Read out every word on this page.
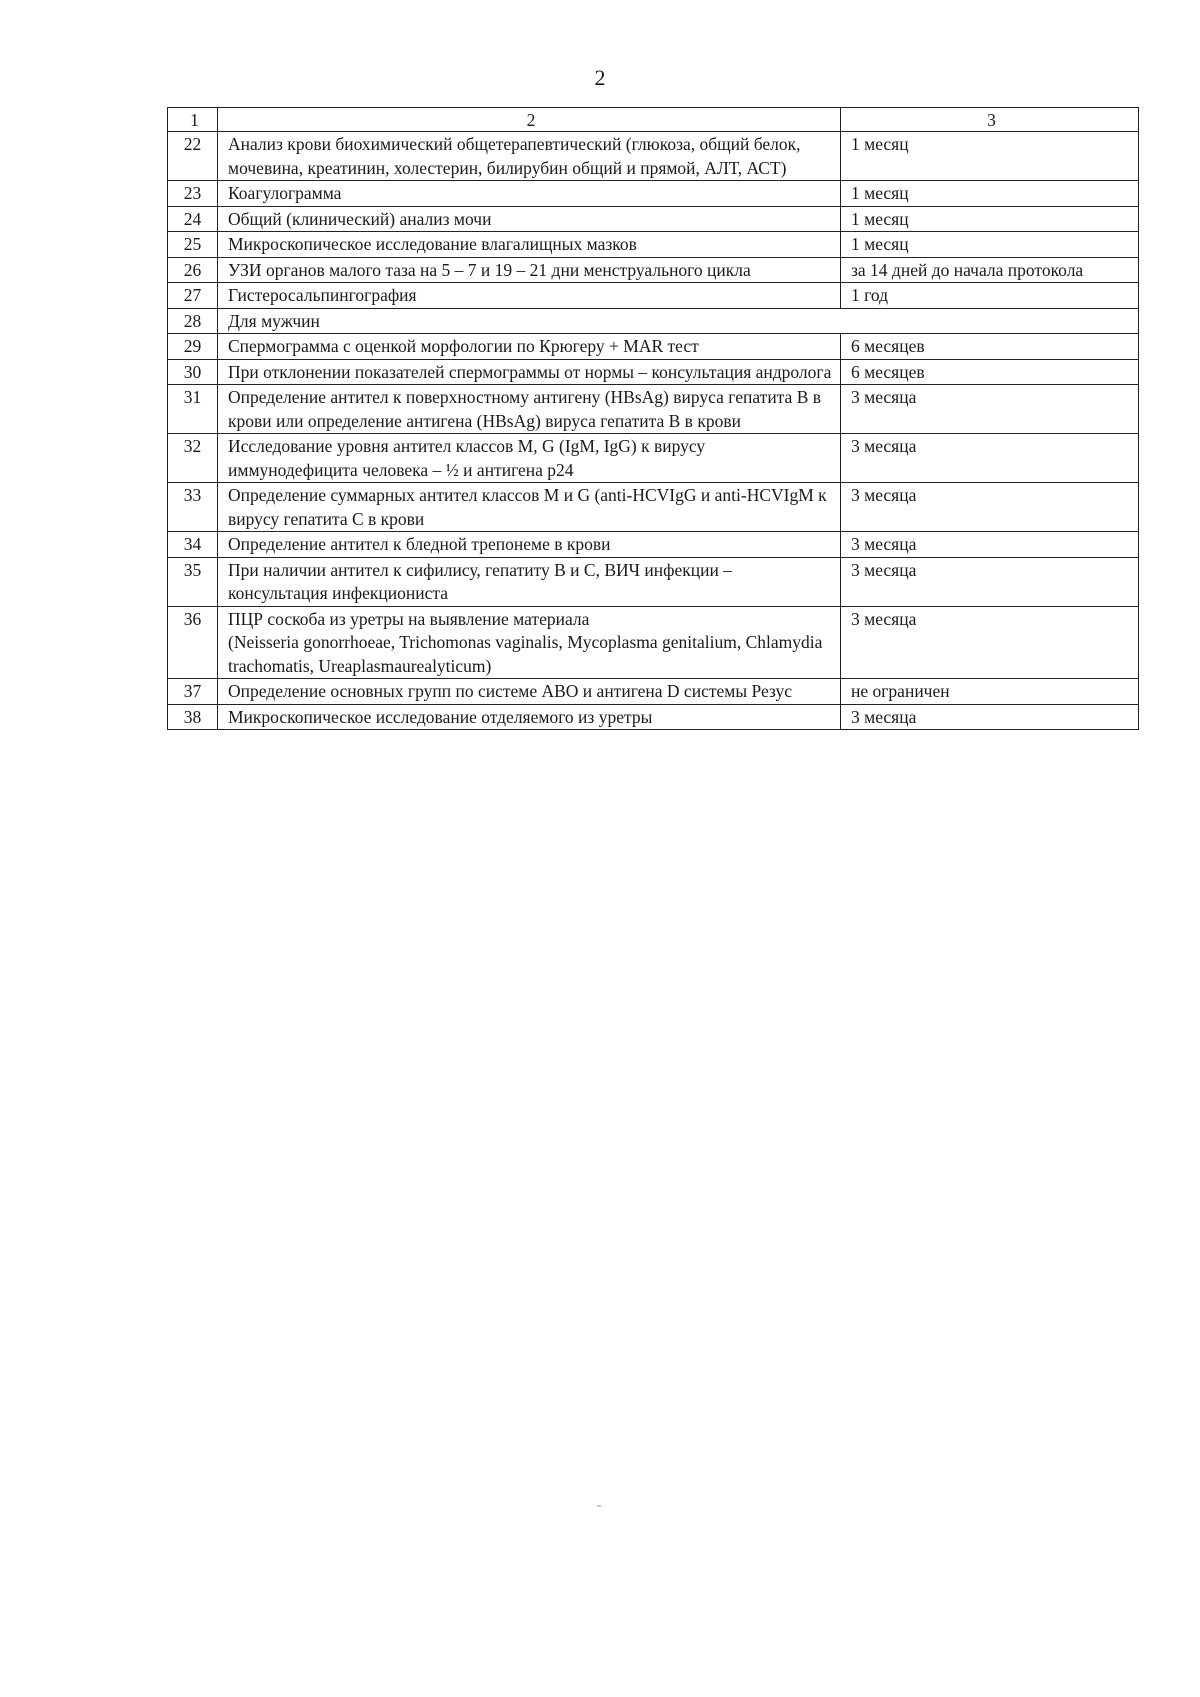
2
1	2	3
22	Анализ крови биохимический общетерапевтический (глюкоза, общий белок, мочевина, креатинин, холестерин, билирубин общий и прямой, АЛТ, АСТ)	1 месяц
23	Коагулограмма	1 месяц
24	Общий (клинический) анализ мочи	1 месяц
25	Микроскопическое исследование влагалищных мазков	1 месяц
26	УЗИ органов малого таза на 5 – 7 и 19 – 21 дни менструального цикла	за 14 дней до начала протокола
27	Гистеросальпингография	1 год
28	Для мужчин	
29	Спермограмма с оценкой морфологии по Крюгеру + MAR тест	6 месяцев
30	При отклонении показателей спермограммы от нормы – консультация андролога	6 месяцев
31	Определение антител к поверхностному антигену (HBsAg) вируса гепатита B в крови или определение антигена (HBsAg) вируса гепатита B в крови	3 месяца
32	Исследование уровня антител классов M, G (IgM, IgG) к вирусу иммунодефицита человека – ½ и антигена p24	3 месяца
33	Определение суммарных антител классов M и G (anti-HCVIgG и anti-HCVIgM к вирусу гепатита C в крови	3 месяца
34	Определение антител к бледной трепонеме в крови	3 месяца
35	При наличии антител к сифилису, гепатиту B и C, ВИЧ инфекции – консультация инфекциониста	3 месяца
36	ПЦР соскоба из уретры на выявление материала
(Neisseria gonorrhoeae, Trichomonas vaginalis, Mycoplasma genitalium, Chlamydia trachomatis, Ureaplasmaurealyticum)	3 месяца
37	Определение основных групп по системе ABO и антигена D системы Резус	не ограничен
38	Микроскопическое исследование отделяемого из уретры	3 месяца
